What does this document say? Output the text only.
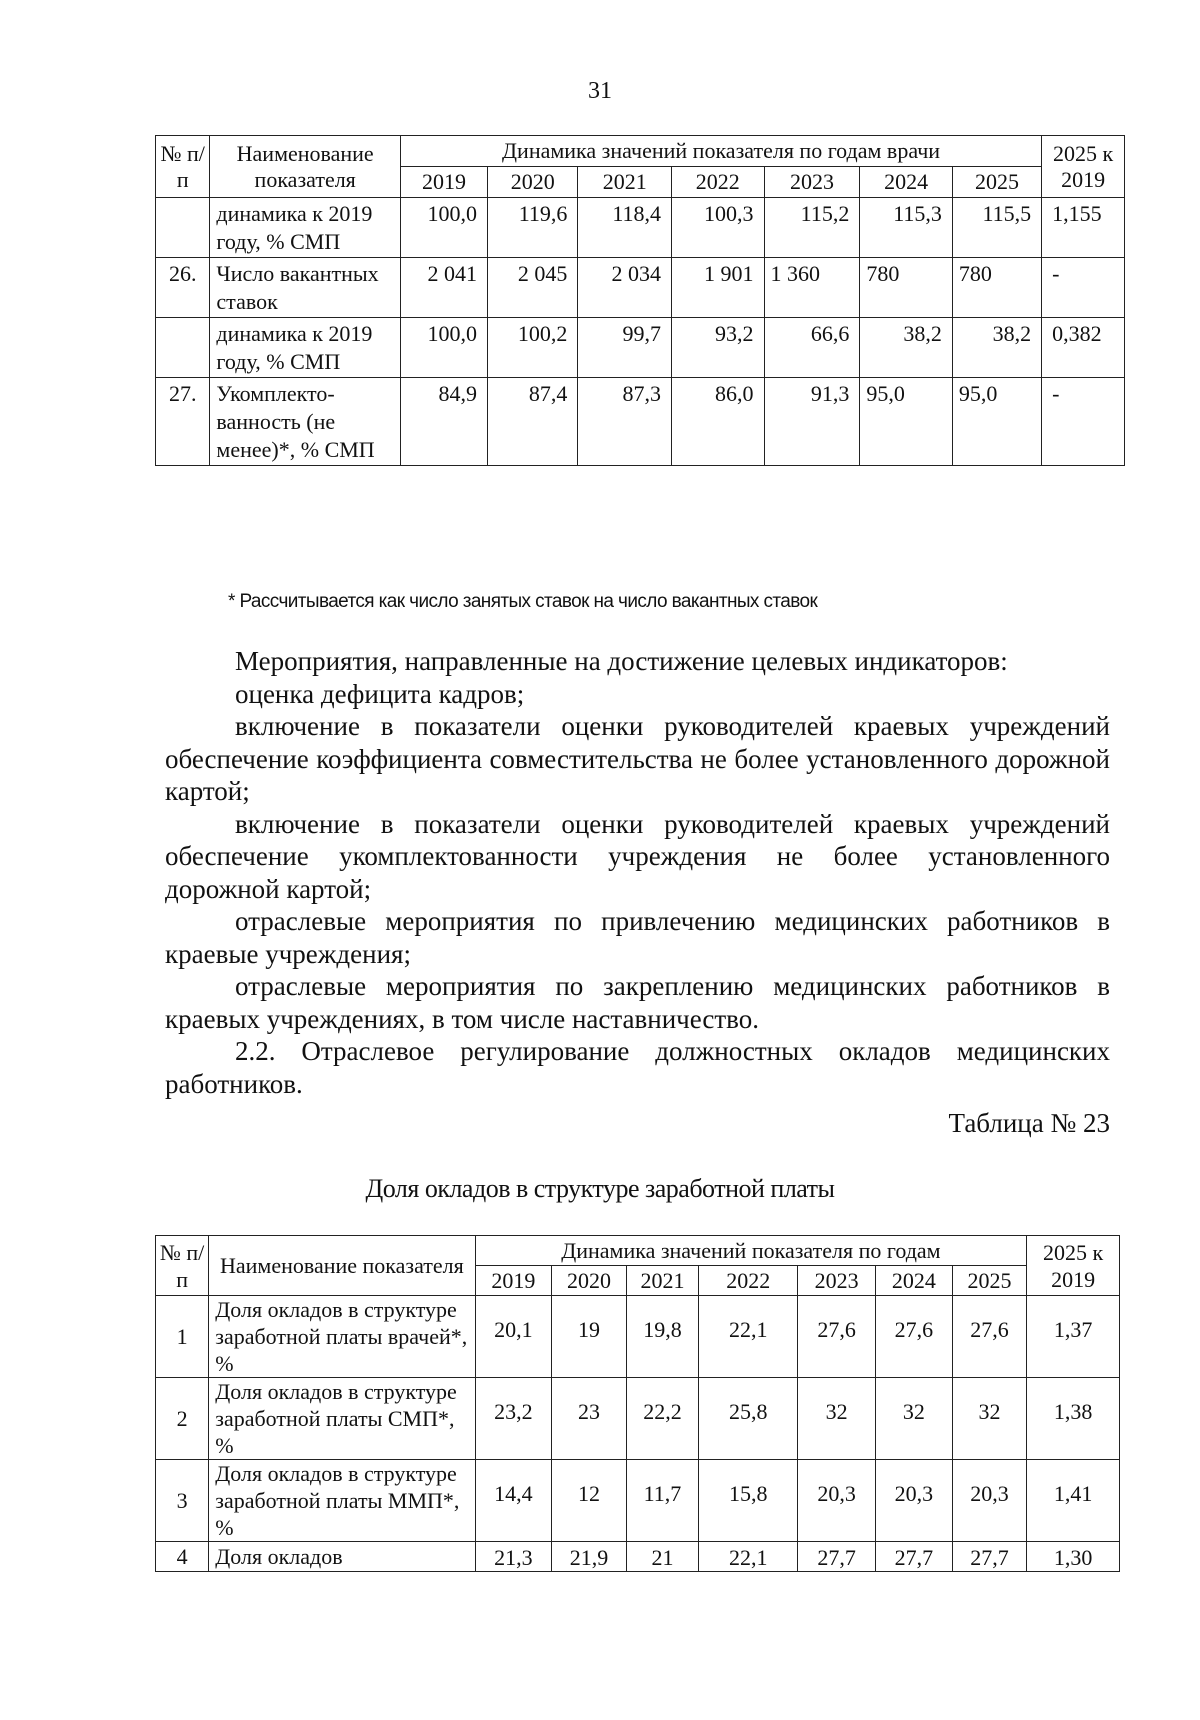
31
№ п/п	Наименование показателя	Динамика значений показателя по годам врачи							2025 к 2019
		2019	2020	2021	2022	2023	2024	2025	
	динамика к 2019 году, % СМП	100,0	119,6	118,4	100,3	115,2	115,3	115,5	1,155
26.	Число вакантных ставок	2 041	2 045	2 034	1 901	1 360	780	780	-
	динамика к 2019 году, % СМП	100,0	100,2	99,7	93,2	66,6	38,2	38,2	0,382
27.	Укомплекто-ванность (не менее)*, % СМП	84,9	87,4	87,3	86,0	91,3	95,0	95,0	-
* Рассчитывается как число занятых ставок на число вакантных ставок

Мероприятия, направленные на достижение целевых индикаторов:

оценка дефицита кадров;

включение в показатели оценки руководителей краевых учреждений обеспечение коэффициента совместительства не более установленного дорожной картой;

включение в показатели оценки руководителей краевых учреждений обеспечение укомплектованности учреждения не более установленного дорожной картой;

отраслевые мероприятия по привлечению медицинских работников в краевые учреждения;

отраслевые мероприятия по закреплению медицинских работников в краевых учреждениях, в том числе наставничество.

2.2. Отраслевое регулирование должностных окладов медицинских работников.

Таблица № 23
Доля окладов в структуре заработной платы
№ п/п	Наименование показателя	Динамика значений показателя по годам							2025 к 2019
		2019	2020	2021	2022	2023	2024	2025	
1	Доля окладов в структуре заработной платы врачей*, %	20,1	19	19,8	22,1	27,6	27,6	27,6	1,37
2	Доля окладов в структуре заработной платы СМП*, %	23,2	23	22,2	25,8	32	32	32	1,38
3	Доля окладов в структуре заработной платы ММП*, %	14,4	12	11,7	15,8	20,3	20,3	20,3	1,41
4	Доля окладов	21,3	21,9	21	22,1	27,7	27,7	27,7	1,30
